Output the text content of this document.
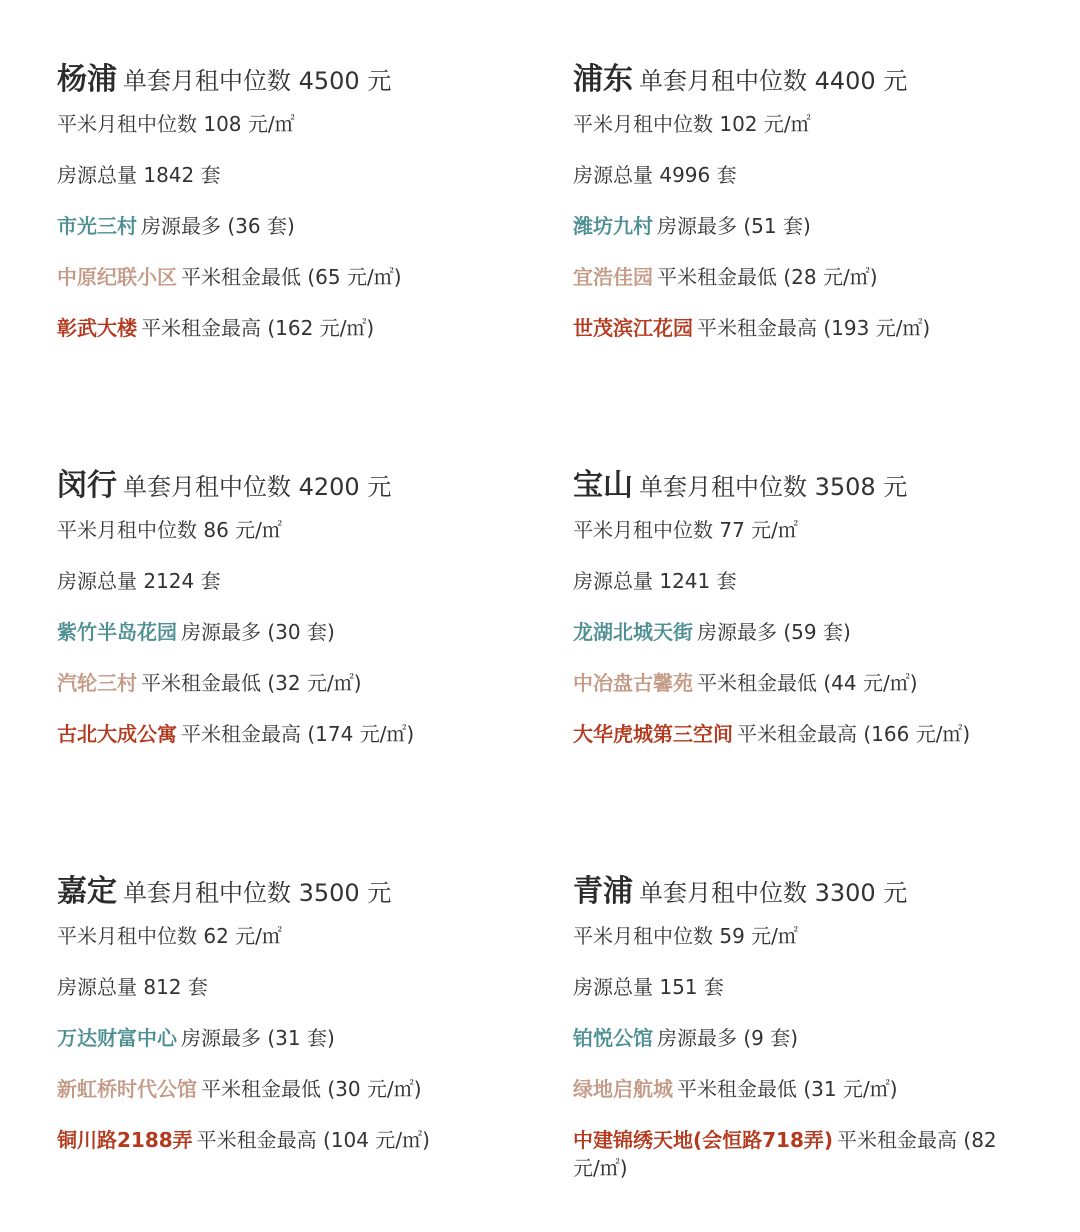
杨浦 单套月租中位数 4500 元
平米月租中位数 108 元/㎡
房源总量 1842 套
市光三村 房源最多 (36 套)
中原纪联小区 平米租金最低 (65 元/㎡)
彰武大楼 平米租金最高 (162 元/㎡)
浦东 单套月租中位数 4400 元
平米月租中位数 102 元/㎡
房源总量 4996 套
潍坊九村 房源最多 (51 套)
宜浩佳园 平米租金最低 (28 元/㎡)
世茂滨江花园 平米租金最高 (193 元/㎡)
闵行 单套月租中位数 4200 元
平米月租中位数 86 元/㎡
房源总量 2124 套
紫竹半岛花园 房源最多 (30 套)
汽轮三村 平米租金最低 (32 元/㎡)
古北大成公寓 平米租金最高 (174 元/㎡)
宝山 单套月租中位数 3508 元
平米月租中位数 77 元/㎡
房源总量 1241 套
龙湖北城天街 房源最多 (59 套)
中冶盘古馨苑 平米租金最低 (44 元/㎡)
大华虎城第三空间 平米租金最高 (166 元/㎡)
嘉定 单套月租中位数 3500 元
平米月租中位数 62 元/㎡
房源总量 812 套
万达财富中心 房源最多 (31 套)
新虹桥时代公馆 平米租金最低 (30 元/㎡)
铜川路2188弄 平米租金最高 (104 元/㎡)
青浦 单套月租中位数 3300 元
平米月租中位数 59 元/㎡
房源总量 151 套
铂悦公馆 房源最多 (9 套)
绿地启航城 平米租金最低 (31 元/㎡)
中建锦绣天地(会恒路718弄) 平米租金最高 (82 元/㎡)
